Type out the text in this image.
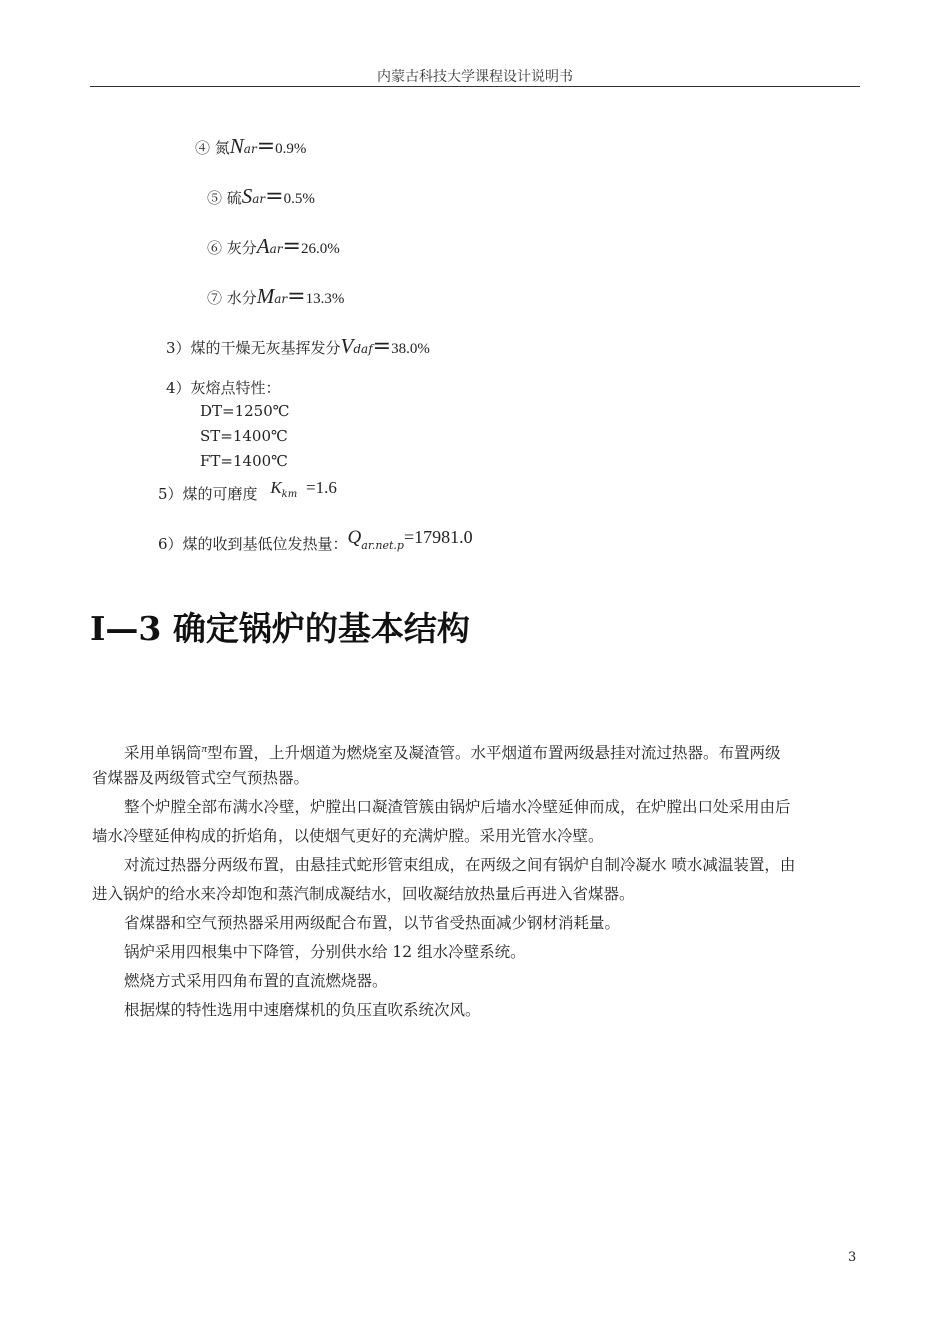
内蒙古科技大学课程设计说明书
④ 氮Nar=0.9%
⑤ 硫Sar=0.5%
⑥ 灰分Aar=26.0%
⑦ 水分Mar=13.3%
3）煤的干燥无灰基挥发分Vdaf=38.0%
4）灰熔点特性：
DT=1250℃
ST=1400℃
FT=1400℃
5）煤的可磨度 Kkm =1.6
6）煤的收到基低位发热量：Qar.net.p=17981.0
I—3 确定锅炉的基本结构
采用单锅筒$^\pi$型布置，上升烟道为燃烧室及凝渣管。水平烟道布置两级悬挂对流过热器。布置两级
省煤器及两级管式空气预热器。
整个炉膛全部布满水冷壁，炉膛出口凝渣管簇由锅炉后墙水冷壁延伸而成，在炉膛出口处采用由后
墙水冷壁延伸构成的折焰角，以使烟气更好的充满炉膛。采用光管水冷壁。
对流过热器分两级布置，由悬挂式蛇形管束组成，在两级之间有锅炉自制冷凝水 喷水减温装置，由
进入锅炉的给水来冷却饱和蒸汽制成凝结水，回收凝结放热量后再进入省煤器。
省煤器和空气预热器采用两级配合布置，以节省受热面减少钢材消耗量。
锅炉采用四根集中下降管，分别供水给 12 组水冷壁系统。
燃烧方式采用四角布置的直流燃烧器。
根据煤的特性选用中速磨煤机的负压直吹系统次风。
3
